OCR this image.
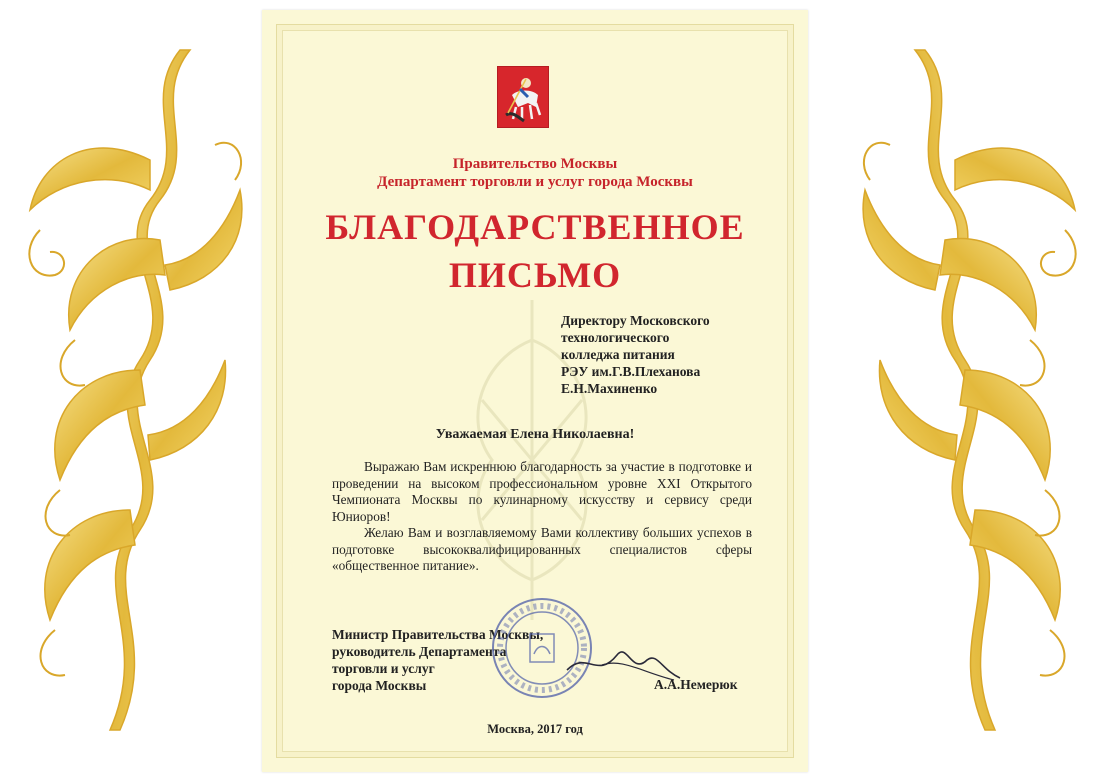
Правительство Москвы
Департамент торговли и услуг города Москвы
БЛАГОДАРСТВЕННОЕ
ПИСЬМО
Директору Московского
технологического
колледжа питания
РЭУ им.Г.В.Плеханова
Е.Н.Махиненко
Уважаемая Елена Николаевна!

Выражаю Вам искреннюю благодарность за участие в подготовке и проведении на высоком профессиональном уровне XXI Открытого Чемпионата Москвы по кулинарному искусству и сервису среди Юниоров!

Желаю Вам и возглавляемому Вами коллективу больших успехов в подготовке высококвалифицированных специалистов сферы «общественное питание».

Министр Правительства Москвы,
руководитель Департамента
торговли и услуг
города Москвы	А.А.Немерюк
Москва, 2017 год
